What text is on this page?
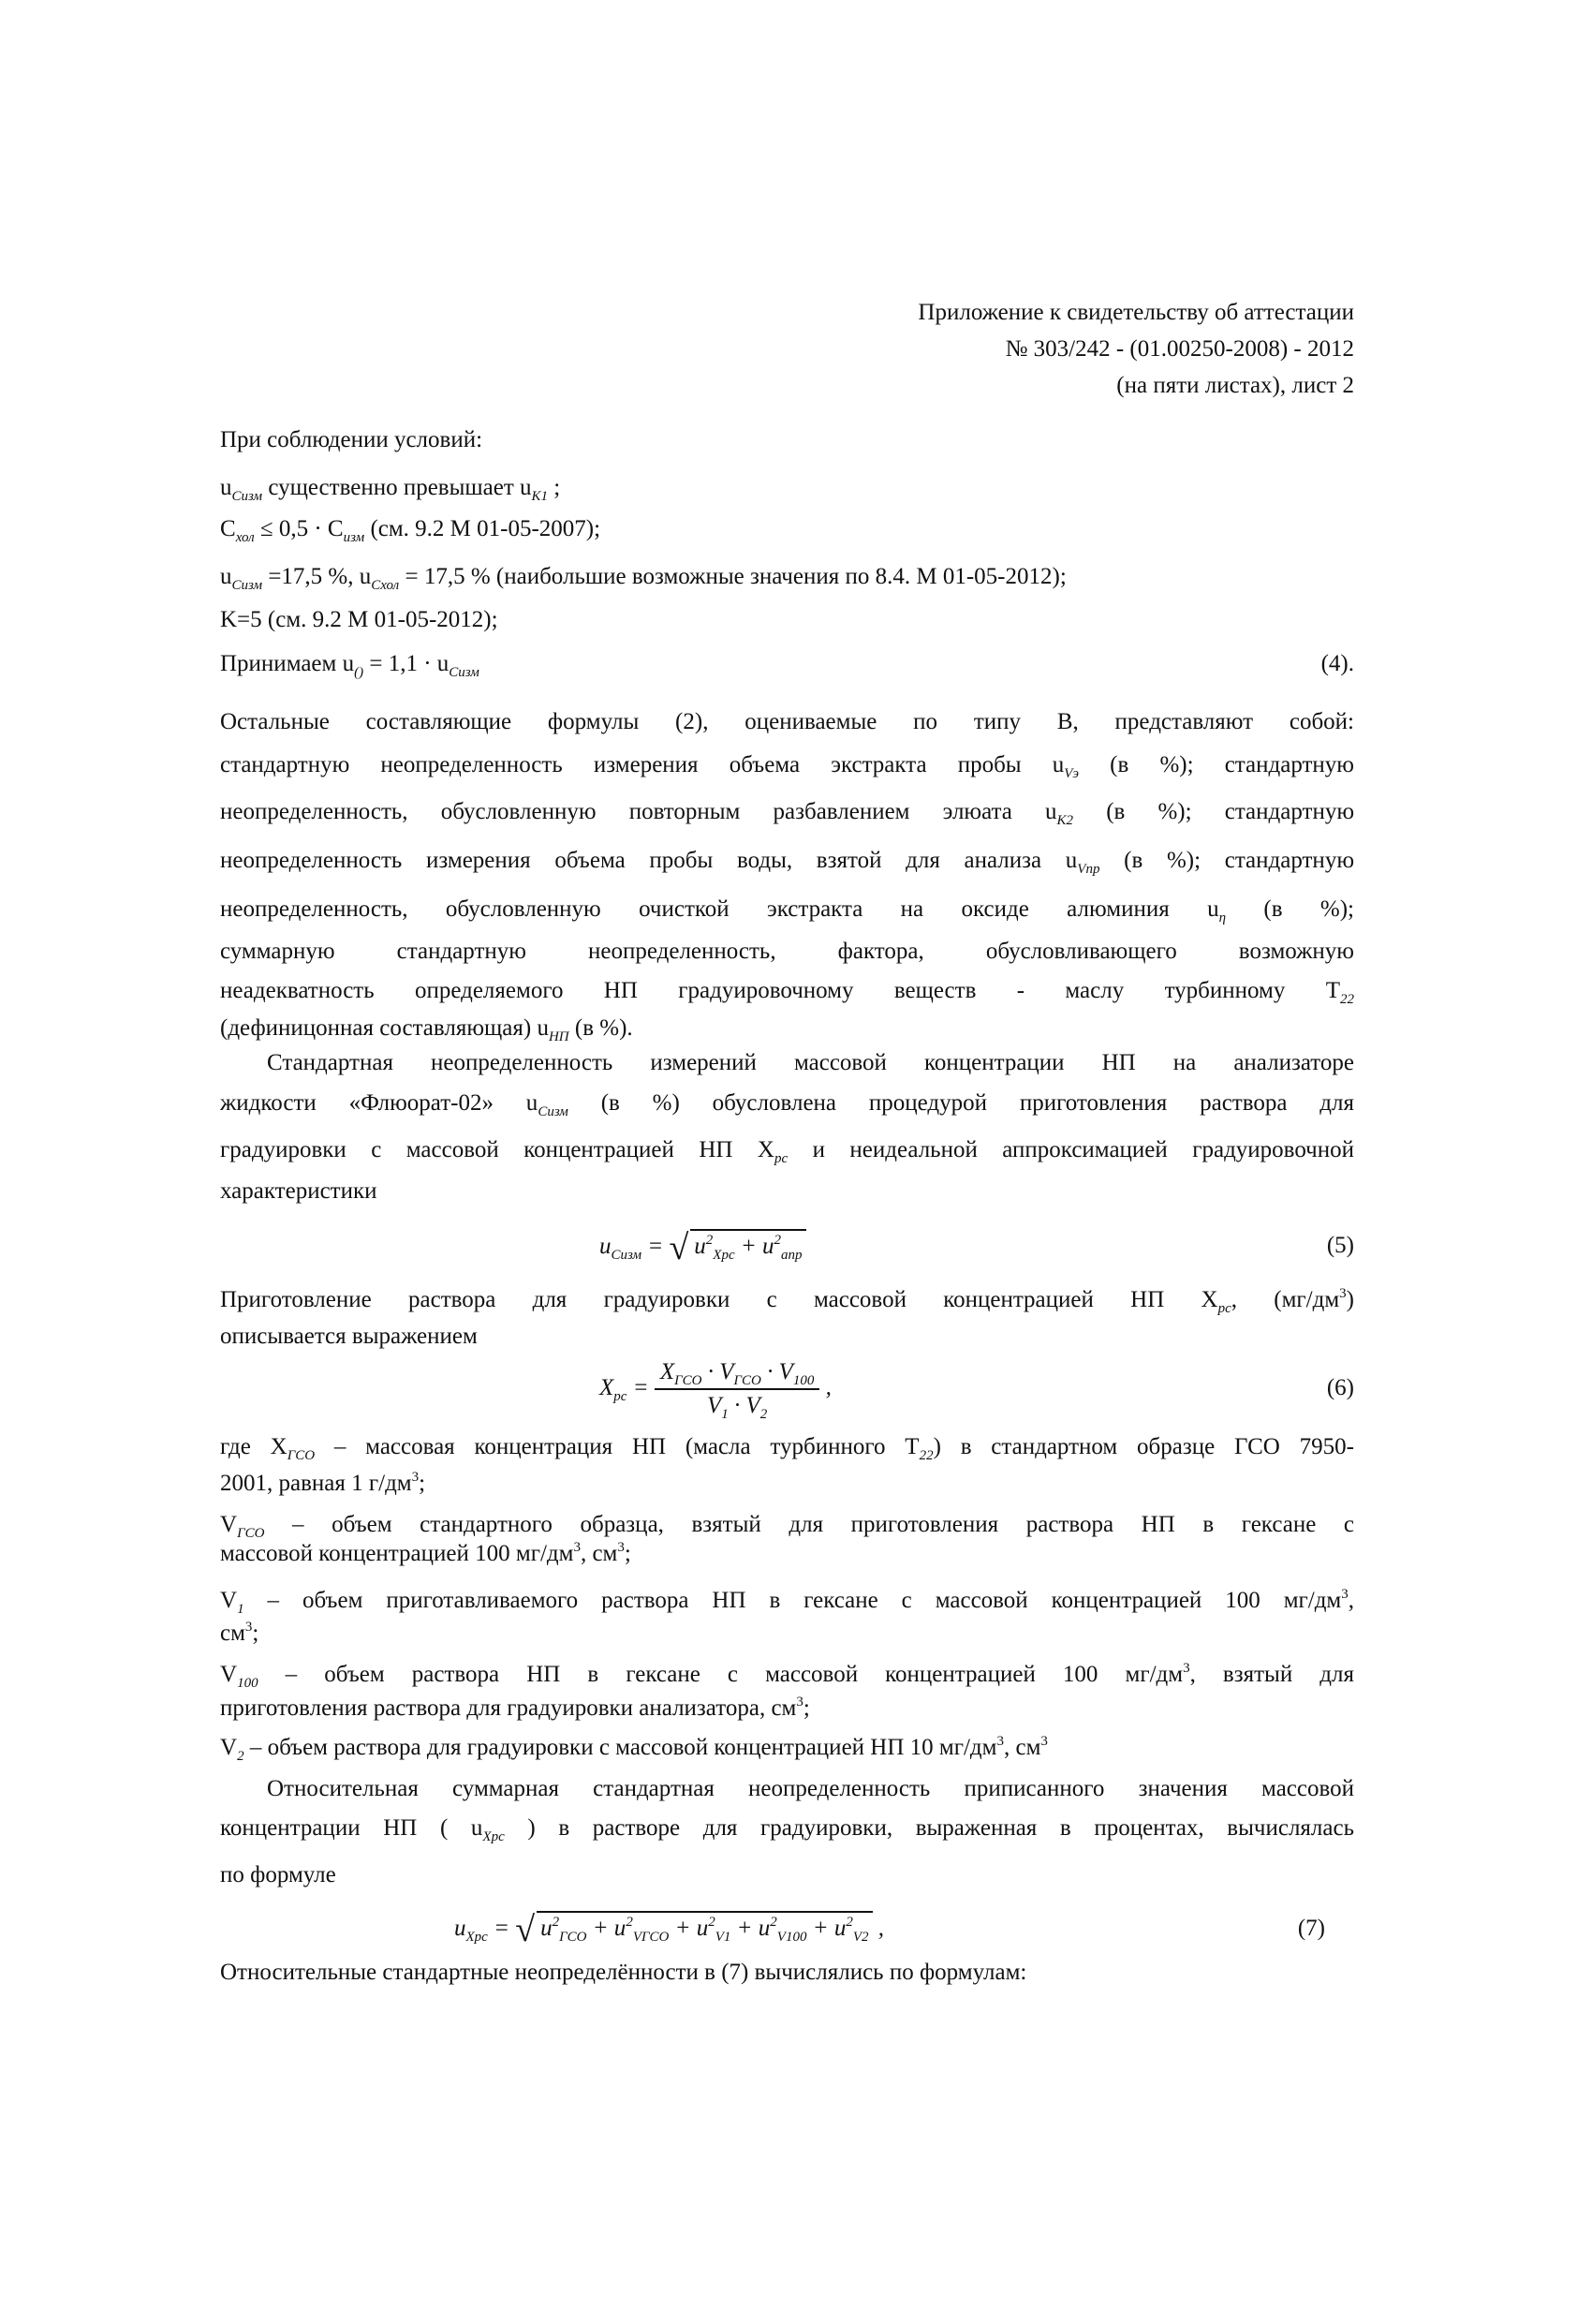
Приложение к свидетельству об аттестации
№ 303/242 - (01.00250-2008) - 2012
(на пяти листах), лист 2
При соблюдении условий:
$u_{Cизм}$ существенно превышает $u_{K1}$ ;
$C_{хол} \le 0,5 \cdot C_{изм}$ (см. 9.2 М 01-05-2007);
$u_{Cизм} =17,5$ %, $u_{Cхол} = 17,5$ % (наибольшие возможные значения по 8.4. М 01-05-2012);
K=5 (см. 9.2 М 01-05-2012);
Принимаем $u_{()} = 1,1 \cdot u_{Cизм}$	(4).
Остальные составляющие формулы (2), оцениваемые по типу В, представляют собой:
стандартную неопределенность измерения объема экстракта пробы $u_{Vэ}$ (в %); стандартную
неопределенность, обусловленную повторным разбавлением элюата $u_{K2}$ (в %); стандартную
неопределенность измерения объема пробы воды, взятой для анализа $u_{Vпр}$ (в %); стандартную
неопределенность, обусловленную очисткой экстракта на оксиде алюминия $u_\eta$ (в %);
суммарную стандартную неопределенность, фактора, обусловливающего возможную
неадекватность определяемого НП градуировочному веществ - маслу турбинному $Т_{22}$
(дефиницонная составляющая) $u_{НП}$ (в %).
Стандартная неопределенность измерений массовой концентрации НП на анализаторе
жидкости «Флюорат-02» $u_{Cизм}$ (в %) обусловлена процедурой приготовления раствора для
градуировки с массовой концентрацией НП $X_{рс}$ и неидеальной аппроксимацией градуировочной
характеристики
$u_{Cизм}$ = √ $u^2_{Xрс} + u^2_{апр}$	(5)
Приготовление раствора для градуировки с массовой концентрацией НП $X_{рс}$, $(мг/дм^3)$
описывается выражением
$X_{рс} = \frac{X_{ГСО} \cdot V_{ГСО} \cdot V_{100}}{V_1 \cdot V_2}$ ,	(6)
где $X_{ГСО}$ – массовая концентрация НП (масла турбинного $Т_{22}$) в стандартном образце ГСО 7950-
2001, равная 1 $г/дм^3$;
$V_{ГСО}$ – объем стандартного образца, взятый для приготовления раствора НП в гексане с
массовой концентрацией 100 $мг/дм^3$, $см^3$;
$V_1$ – объем приготавливаемого раствора НП в гексане с массовой концентрацией 100 $мг/дм^3$,
$см^3$;
$V_{100}$ – объем раствора НП в гексане с массовой концентрацией 100 $мг/дм^3$, взятый для
приготовления раствора для градуировки анализатора, $см^3$;
$V_2$ – объем раствора для градуировки с массовой концентрацией НП 10 $мг/дм^3$, $см^3$
Относительная суммарная стандартная неопределенность приписанного значения массовой
концентрации НП ( $u_{Xрс}$ ) в растворе для градуировки, выраженная в процентах, вычислялась
по формуле
$u_{Xрс}$ = √ $u^2_{ГСО} + u^2_{VГСО} + u^2_{V1} + u^2_{V100} + u^2_{V2}$ ,	(7)
Относительные стандартные неопределённости в (7) вычислялись по формулам:
